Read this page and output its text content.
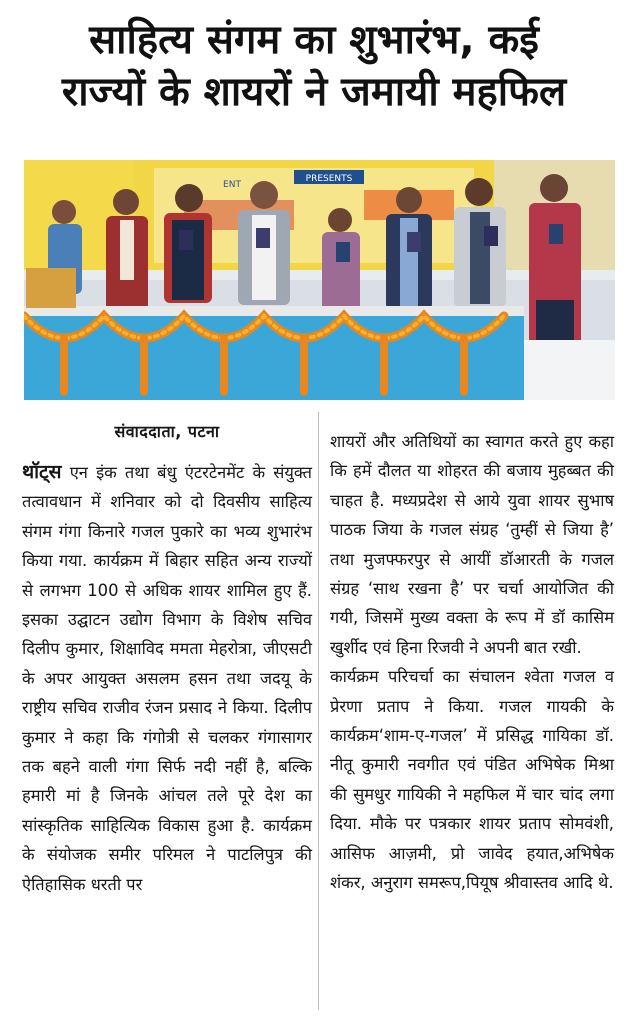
साहित्य संगम का शुभारंभ, कई
राज्यों के शायरों ने जमायी महफिल
PRESENTS
ENT
संवाददाता, पटना

थॉट्स एन इंक तथा बंधु एंटरटेनमेंट के संयुक्त तत्वावधान में शनिवार को दो दिवसीय साहित्य संगम गंगा किनारे गजल पुकारे का भव्य शुभारंभ किया गया. कार्यक्रम में बिहार सहित अन्य राज्यों से लगभग 100 से अधिक शायर शामिल हुए हैं. इसका उद्घाटन उद्योग विभाग के विशेष सचिव दिलीप कुमार, शिक्षाविद ममता मेहरोत्रा, जीएसटी के अपर आयुक्त असलम हसन तथा जदयू के राष्ट्रीय सचिव राजीव रंजन प्रसाद ने किया. दिलीप कुमार ने कहा कि गंगोत्री से चलकर गंगासागर तक बहने वाली गंगा सिर्फ नदी नहीं है, बल्कि हमारी मां है जिनके आंचल तले पूरे देश का सांस्कृतिक साहित्यिक विकास हुआ है. कार्यक्रम के संयोजक समीर परिमल ने पाटलिपुत्र की ऐतिहासिक धरती पर

शायरों और अतिथियों का स्वागत करते हुए कहा कि हमें दौलत या शोहरत की बजाय मुहब्बत की चाहत है. मध्यप्रदेश से आये युवा शायर सुभाष पाठक जिया के गजल संग्रह ‘तुम्हीं से जिया है’ तथा मुजफ्फरपुर से आयीं डॉआरती के गजल संग्रह ‘साथ रखना है’ पर चर्चा आयोजित की गयी, जिसमें मुख्य वक्ता के रूप में डॉ कासिम खुर्शीद एवं हिना रिजवी ने अपनी बात रखी.

कार्यक्रम परिचर्चा का संचालन श्वेता गजल व प्रेरणा प्रताप ने किया. गजल गायकी के कार्यक्रम‘शाम-ए-गजल’ में प्रसिद्ध गायिका डॉ. नीतू कुमारी नवगीत एवं पंडित अभिषेक मिश्रा की सुमधुर गायिकी ने महफिल में चार चांद लगा दिया. मौके पर पत्रकार शायर प्रताप सोमवंशी, आसिफ आज़मी, प्रो जावेद हयात,अभिषेक शंकर, अनुराग समरूप,पियूष श्रीवास्तव आदि थे.
